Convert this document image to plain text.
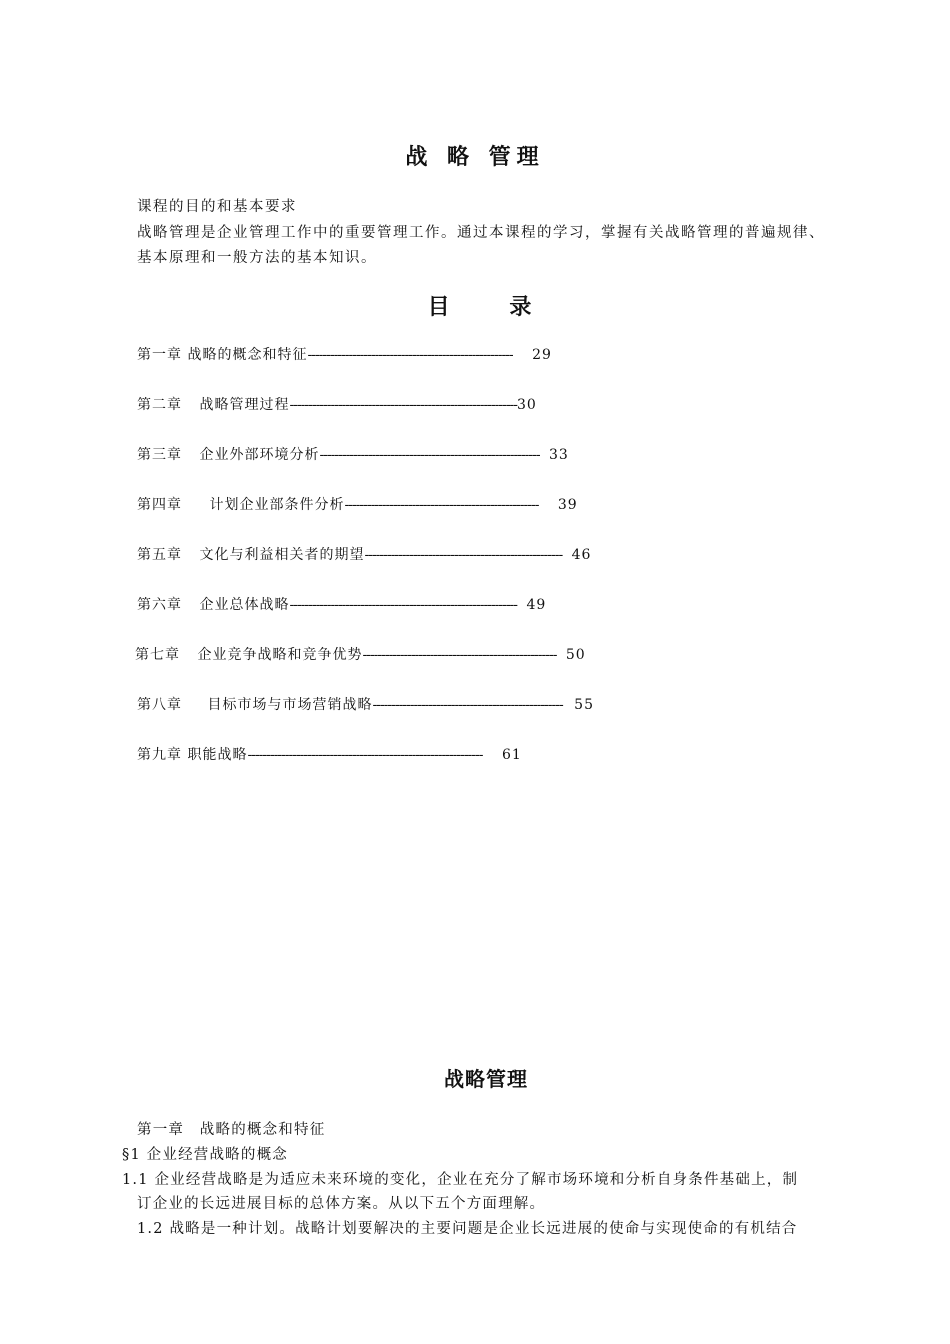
战 略 管理
课程的目的和基本要求
战略管理是企业管理工作中的重要管理工作。通过本课程的学习，掌握有关战略管理的普遍规律、
基本原理和一般方法的基本知识。
目 录
第一章 战略的概念和特征------------------------------------------------------- 29
第二章 战略管理过程-------------------------------------------------------------30
第三章 企业外部环境分析----------------------------------------------------------- 33
第四章 计划企业部条件分析---------------------------------------------------- 39
第五章 文化与利益相关者的期望----------------------------------------------------- 46
第六章 企业总体战略------------------------------------------------------------- 49
第七章 企业竞争战略和竞争优势---------------------------------------------------- 50
第八章 目标市场与市场营销战略--------------------------------------------------- 55
第九章 职能战略--------------------------------------------------------------- 61
战略管理
第一章　战略的概念和特征
§1 企业经营战略的概念
1.1 企业经营战略是为适应未来环境的变化，企业在充分了解市场环境和分析自身条件基础上，制
订企业的长远进展目标的总体方案。从以下五个方面理解。
1.2 战略是一种计划。战略计划要解决的主要问题是企业长远进展的使命与实现使命的有机结合
